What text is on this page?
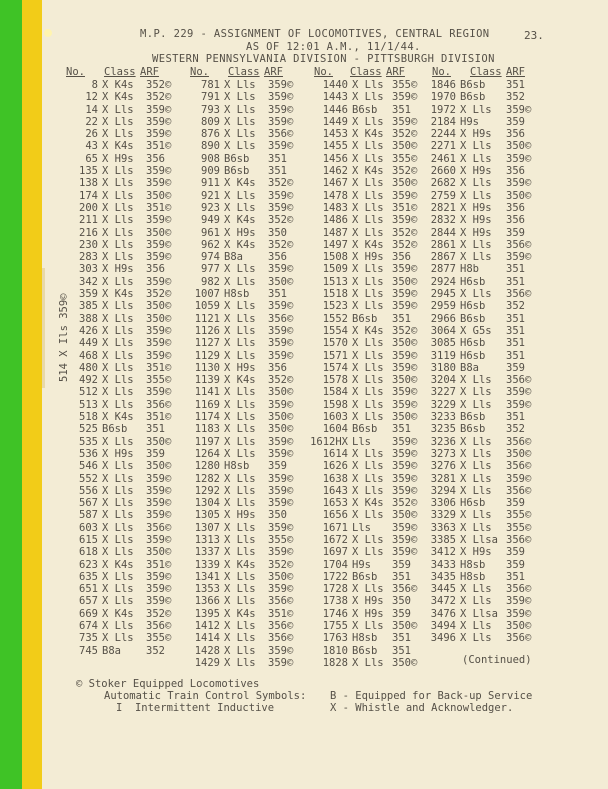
M.P. 229 - ASSIGNMENT OF LOCOMOTIVES, CENTRAL REGION	23.
AS OF 12:01 A.M., 11/1/44.
WESTERN PENNSYLVANIA DIVISION - PITTSBURGH DIVISION
No. Class ARF	No. Class ARF	No. Class ARF	No. Class ARF
8 X K4s 352©
12 X K4s 352©
14 X Lls 359©
22 X Lls 359©
26 X Lls 359©
43 X K4s 351©
65 X H9s 356
135 X Lls 359©
138 X Lls 359©
174 X Lls 350©
200 X Lls 351©
211 X Lls 359©
216 X Lls 350©
230 X Lls 359©
283 X Lls 359©
303 X H9s 356
342 X Lls 359©
359 X K4s 352©
385 X Lls 350©
388 X Lls 350©
426 X Lls 359©
449 X Lls 359©
468 X Lls 359©
480 X Lls 351©
492 X Lls 355©
512 X Lls 359©
513 X Lls 356©
518 X K4s 351©
525 B6sb 351
535 X Lls 350©
536 X H9s 359
546 X Lls 350©
552 X Lls 359©
556 X Lls 359©
567 X Lls 359©
587 X Lls 359©
603 X Lls 356©
615 X Lls 359©
618 X Lls 350©
623 X K4s 351©
635 X Lls 359©
651 X Lls 359©
657 X Lls 359©
669 X K4s 352©
674 X Lls 356©
735 X Lls 355©
745 B8a 352
781 X Lls 359©
791 X Lls 359©
793 X Lls 359©
809 X Lls 359©
876 X Lls 356©
890 X Lls 359©
908 B6sb 351
909 B6sb 351
911 X K4s 352©
921 X Lls 359©
923 X Lls 359©
949 X K4s 352©
961 X H9s 350
962 X K4s 352©
974 B8a 356
977 X Lls 359©
982 X Lls 350©
1007 H8sb 351
1059 X Lls 359©
1121 X Lls 356©
1126 X Lls 359©
1127 X Lls 359©
1129 X Lls 359©
1130 X H9s 356
1139 X K4s 352©
1141 X Lls 350©
1169 X Lls 359©
1174 X Lls 350©
1183 X Lls 350©
1197 X Lls 359©
1264 X Lls 359©
1280 H8sb 359
1282 X Lls 359©
1292 X Lls 359©
1304 X Lls 359©
1305 X H9s 350
1307 X Lls 359©
1313 X Lls 355©
1337 X Lls 359©
1339 X K4s 352©
1341 X Lls 350©
1353 X Lls 359©
1366 X Lls 356©
1395 X K4s 351©
1412 X Lls 356©
1414 X Lls 356©
1428 X Lls 359©
1429 X Lls 359©
1440 X Lls 355©
1443 X Lls 359©
1446 B6sb 351
1449 X Lls 359©
1453 X K4s 352©
1455 X Lls 350©
1456 X Lls 355©
1462 X K4s 352©
1467 X Lls 350©
1478 X Lls 359©
1483 X Lls 351©
1486 X Lls 359©
1487 X Lls 352©
1497 X K4s 352©
1508 X H9s 356
1509 X Lls 359©
1513 X Lls 350©
1518 X Lls 359©
1523 X Lls 359©
1552 B6sb 351
1554 X K4s 352©
1570 X Lls 350©
1571 X Lls 359©
1574 X Lls 359©
1578 X Lls 350©
1584 X Lls 359©
1598 X Lls 359©
1603 X Lls 350©
1604 B6sb 351
1612HX Lls 359©
1614 X Lls 359©
1626 X Lls 359©
1638 X Lls 359©
1643 X Lls 359©
1653 X K4s 352©
1656 X Lls 350©
1671 Lls 359©
1672 X Lls 359©
1697 X Lls 359©
1704 H9s 359
1722 B6sb 351
1728 X Lls 356©
1738 X H9s 350
1746 X H9s 359
1755 X Lls 350©
1763 H8sb 351
1810 B6sb 351
1828 X Lls 350©
1846 B6sb 351
1970 B6sb 352
1972 X Lls 359©
2184 H9s	359
2244 X H9s 356
2271 X Lls 350©
2461 X Lls 359©
2660 X H9s 356
2682 X Lls 359©
2759 X Lls 350©
2821 X H9s 356
2832 X H9s 356
2844 X H9s 359
2861 X Lls 356©
2867 X Lls 359©
2877 H8b	351
2924 H6sb 351
2945 X Lls 356©
2959 H6sb 352
2966 B6sb 351
3064 X G5s 351
3085 H6sb 351
3119 H6sb 351
3180 B8a	359
3204 X Lls 356©
3227 X Lls 359©
3229 X Lls 359©
3233 B6sb 351
3235 B6sb 352
3236 X Lls 356©
3273 X Lls 350©
3276 X Lls 356©
3281 X Lls 359©
3294 X Lls 356©
3306 H6sb 359
3329 X Lls 355©
3363 X Lls 355©
3385 X Llsa 356©
3412 X H9s 359
3433 H8sb 359
3435 H8sb 351
3445 X Lls 356©
3472 X Lls 359©
3476 X Llsa 359©
3494 X Lls 350©
3496 X Lls 356©
514 X Ils 359©
(Continued)
© Stoker Equipped Locomotives
Automatic Train Control Symbols:
I  Intermittent Inductive
B - Equipped for Back-up Service
X - Whistle and Acknowledger.
